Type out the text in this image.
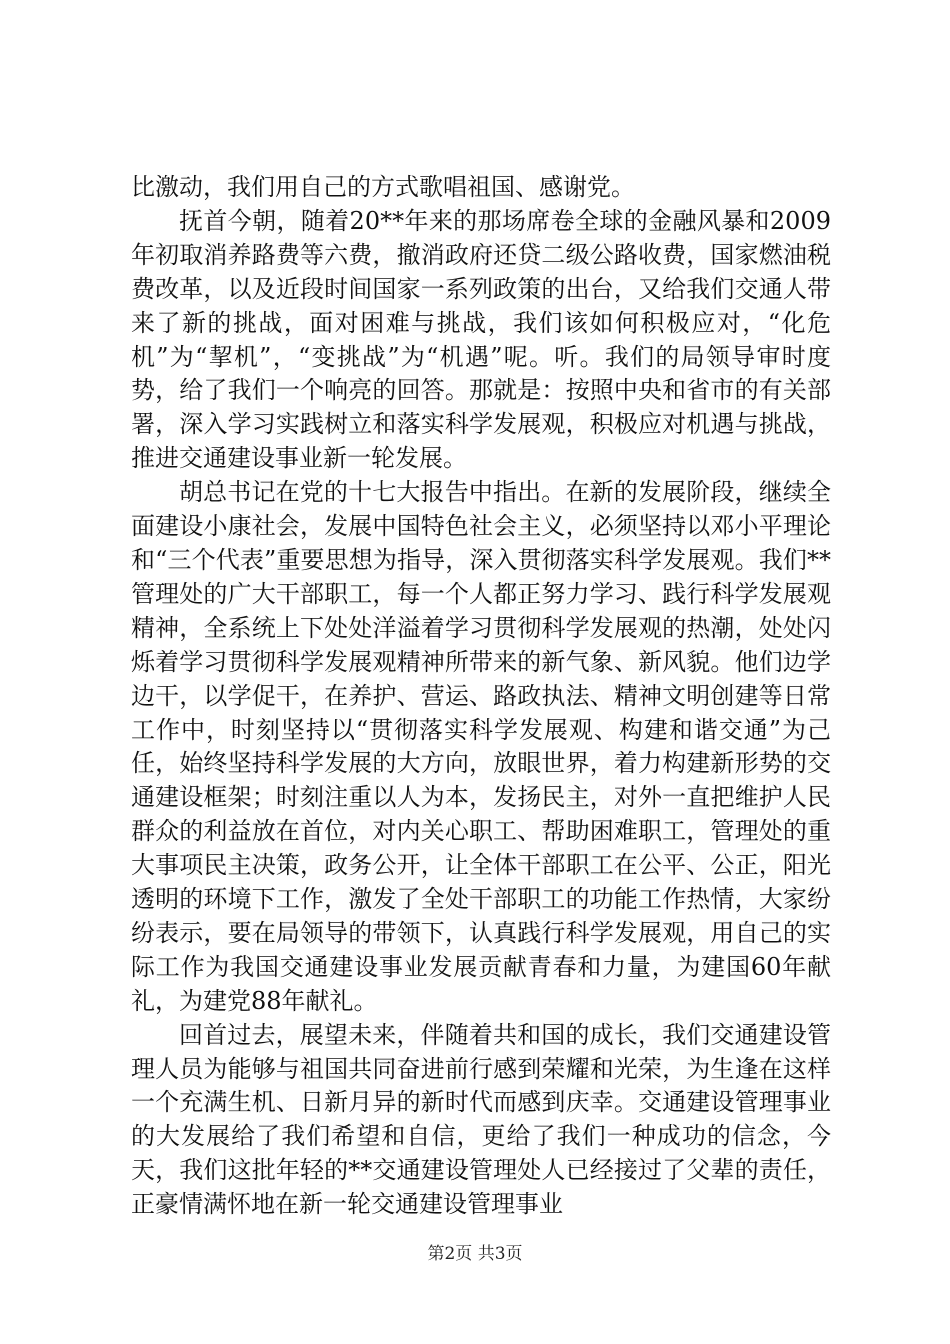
比激动，我们用自己的方式歌唱祖国、感谢党。

抚首今朝，随着20**年来的那场席卷全球的金融风暴和2009年初取消养路费等六费，撤消政府还贷二级公路收费，国家燃油税费改革，以及近段时间国家一系列政策的出台，又给我们交通人带来了新的挑战，面对困难与挑战，我们该如何积极应对，“化危机”为“挈机”，“变挑战”为“机遇”呢。听。我们的局领导审时度势，给了我们一个响亮的回答。那就是：按照中央和省市的有关部署，深入学习实践树立和落实科学发展观，积极应对机遇与挑战，推进交通建设事业新一轮发展。

胡总书记在党的十七大报告中指出。在新的发展阶段，继续全面建设小康社会，发展中国特色社会主义，必须坚持以邓小平理论和“三个代表”重要思想为指导，深入贯彻落实科学发展观。我们**管理处的广大干部职工，每一个人都正努力学习、践行科学发展观精神，全系统上下处处洋溢着学习贯彻科学发展观的热潮，处处闪烁着学习贯彻科学发展观精神所带来的新气象、新风貌。他们边学边干，以学促干，在养护、营运、路政执法、精神文明创建等日常工作中，时刻坚持以“贯彻落实科学发展观、构建和谐交通”为己任，始终坚持科学发展的大方向，放眼世界，着力构建新形势的交通建设框架；时刻注重以人为本，发扬民主，对外一直把维护人民群众的利益放在首位，对内关心职工、帮助困难职工，管理处的重大事项民主决策，政务公开，让全体干部职工在公平、公正，阳光透明的环境下工作，激发了全处干部职工的功能工作热情，大家纷纷表示，要在局领导的带领下，认真践行科学发展观，用自己的实际工作为我国交通建设事业发展贡献青春和力量，为建国60年献礼，为建党88年献礼。

回首过去，展望未来，伴随着共和国的成长，我们交通建设管理人员为能够与祖国共同奋进前行感到荣耀和光荣，为生逢在这样一个充满生机、日新月异的新时代而感到庆幸。交通建设管理事业的大发展给了我们希望和自信，更给了我们一种成功的信念，今天，我们这批年轻的**交通建设管理处人已经接过了父辈的责任，正豪情满怀地在新一轮交通建设管理事业

第2页 共3页
